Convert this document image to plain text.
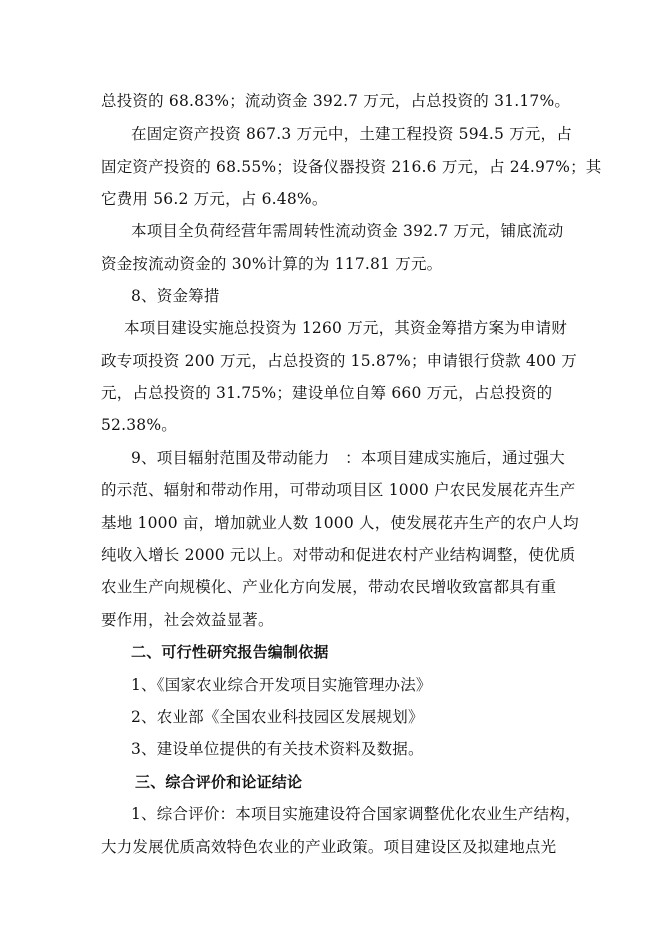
总投资的 68.83%；流动资金 392.7 万元，占总投资的 31.17%。
在固定资产投资 867.3 万元中，土建工程投资 594.5 万元，占
固定资产投资的 68.55%；设备仪器投资 216.6 万元，占 24.97%；其
它费用 56.2 万元，占 6.48%。
本项目全负荷经营年需周转性流动资金 392.7 万元，铺底流动
资金按流动资金的 30%计算的为 117.81 万元。
8、资金筹措
本项目建设实施总投资为 1260 万元，其资金筹措方案为申请财
政专项投资 200 万元，占总投资的 15.87%；申请银行贷款 400 万
元，占总投资的 31.75%；建设单位自筹 660 万元，占总投资的
52.38%。
9、项目辐射范围及带动能力　：本项目建成实施后，通过强大
的示范、辐射和带动作用，可带动项目区 1000 户农民发展花卉生产
基地 1000 亩，增加就业人数 1000 人，使发展花卉生产的农户人均
纯收入增长 2000 元以上。对带动和促进农村产业结构调整，使优质
农业生产向规模化、产业化方向发展，带动农民增收致富都具有重
要作用，社会效益显著。
二、可行性研究报告编制依据
1、《国家农业综合开发项目实施管理办法》
2、农业部《全国农业科技园区发展规划》
3、建设单位提供的有关技术资料及数据。
三、综合评价和论证结论
1、综合评价：本项目实施建设符合国家调整优化农业生产结构，
大力发展优质高效特色农业的产业政策。项目建设区及拟建地点光
